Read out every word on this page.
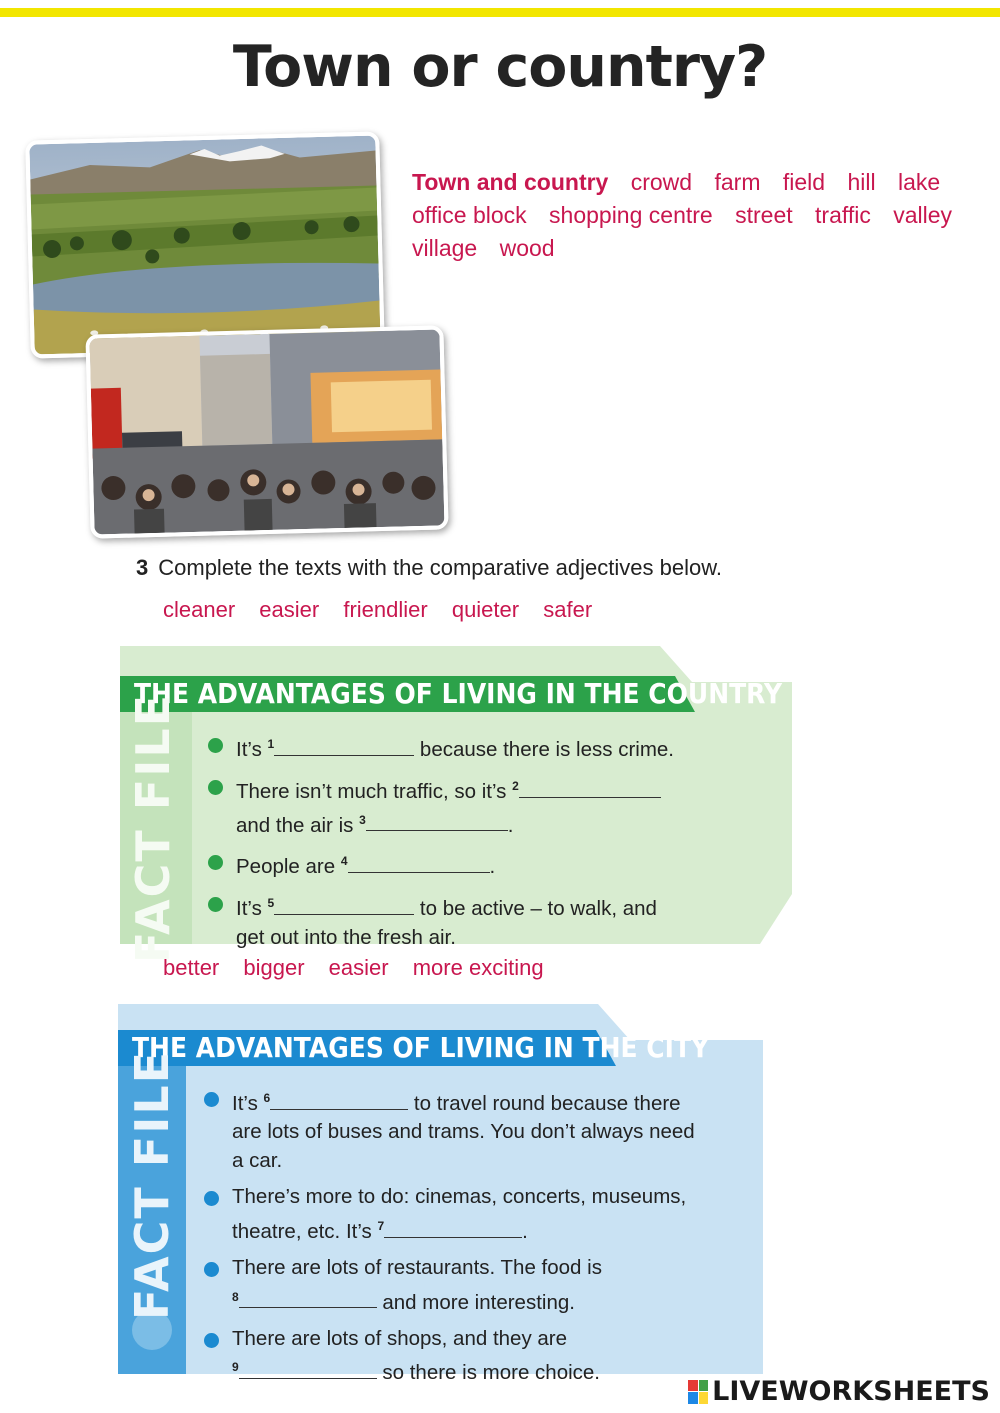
Town or country?
Town and country crowd farm field hill lake office block shopping centre street traffic valley village wood
3 Complete the texts with the comparative adjectives below.
cleaner easier friendlier quieter safer
THE ADVANTAGES OF LIVING IN THE COUNTRY
FACT FILE	It’s $^1$	because there is less crime.
There isn’t much traffic, so it’s $^2$
and the air is $^3$	.
People are $^4$	.
It’s $^5$	to be active – to walk, and
get out into the fresh air.
better bigger easier more exciting
THE ADVANTAGES OF LIVING IN THE CITY
FACT FILE	It’s $^6$	to travel round because there
are lots of buses and trams. You don’t always need
a car.
There’s more to do: cinemas, concerts, museums,
theatre, etc. It’s $^7$	.
There are lots of restaurants. The food is
$^8$	and more interesting.
There are lots of shops, and they are
$^9$	so there is more choice.
LIVEWORKSHEETS
